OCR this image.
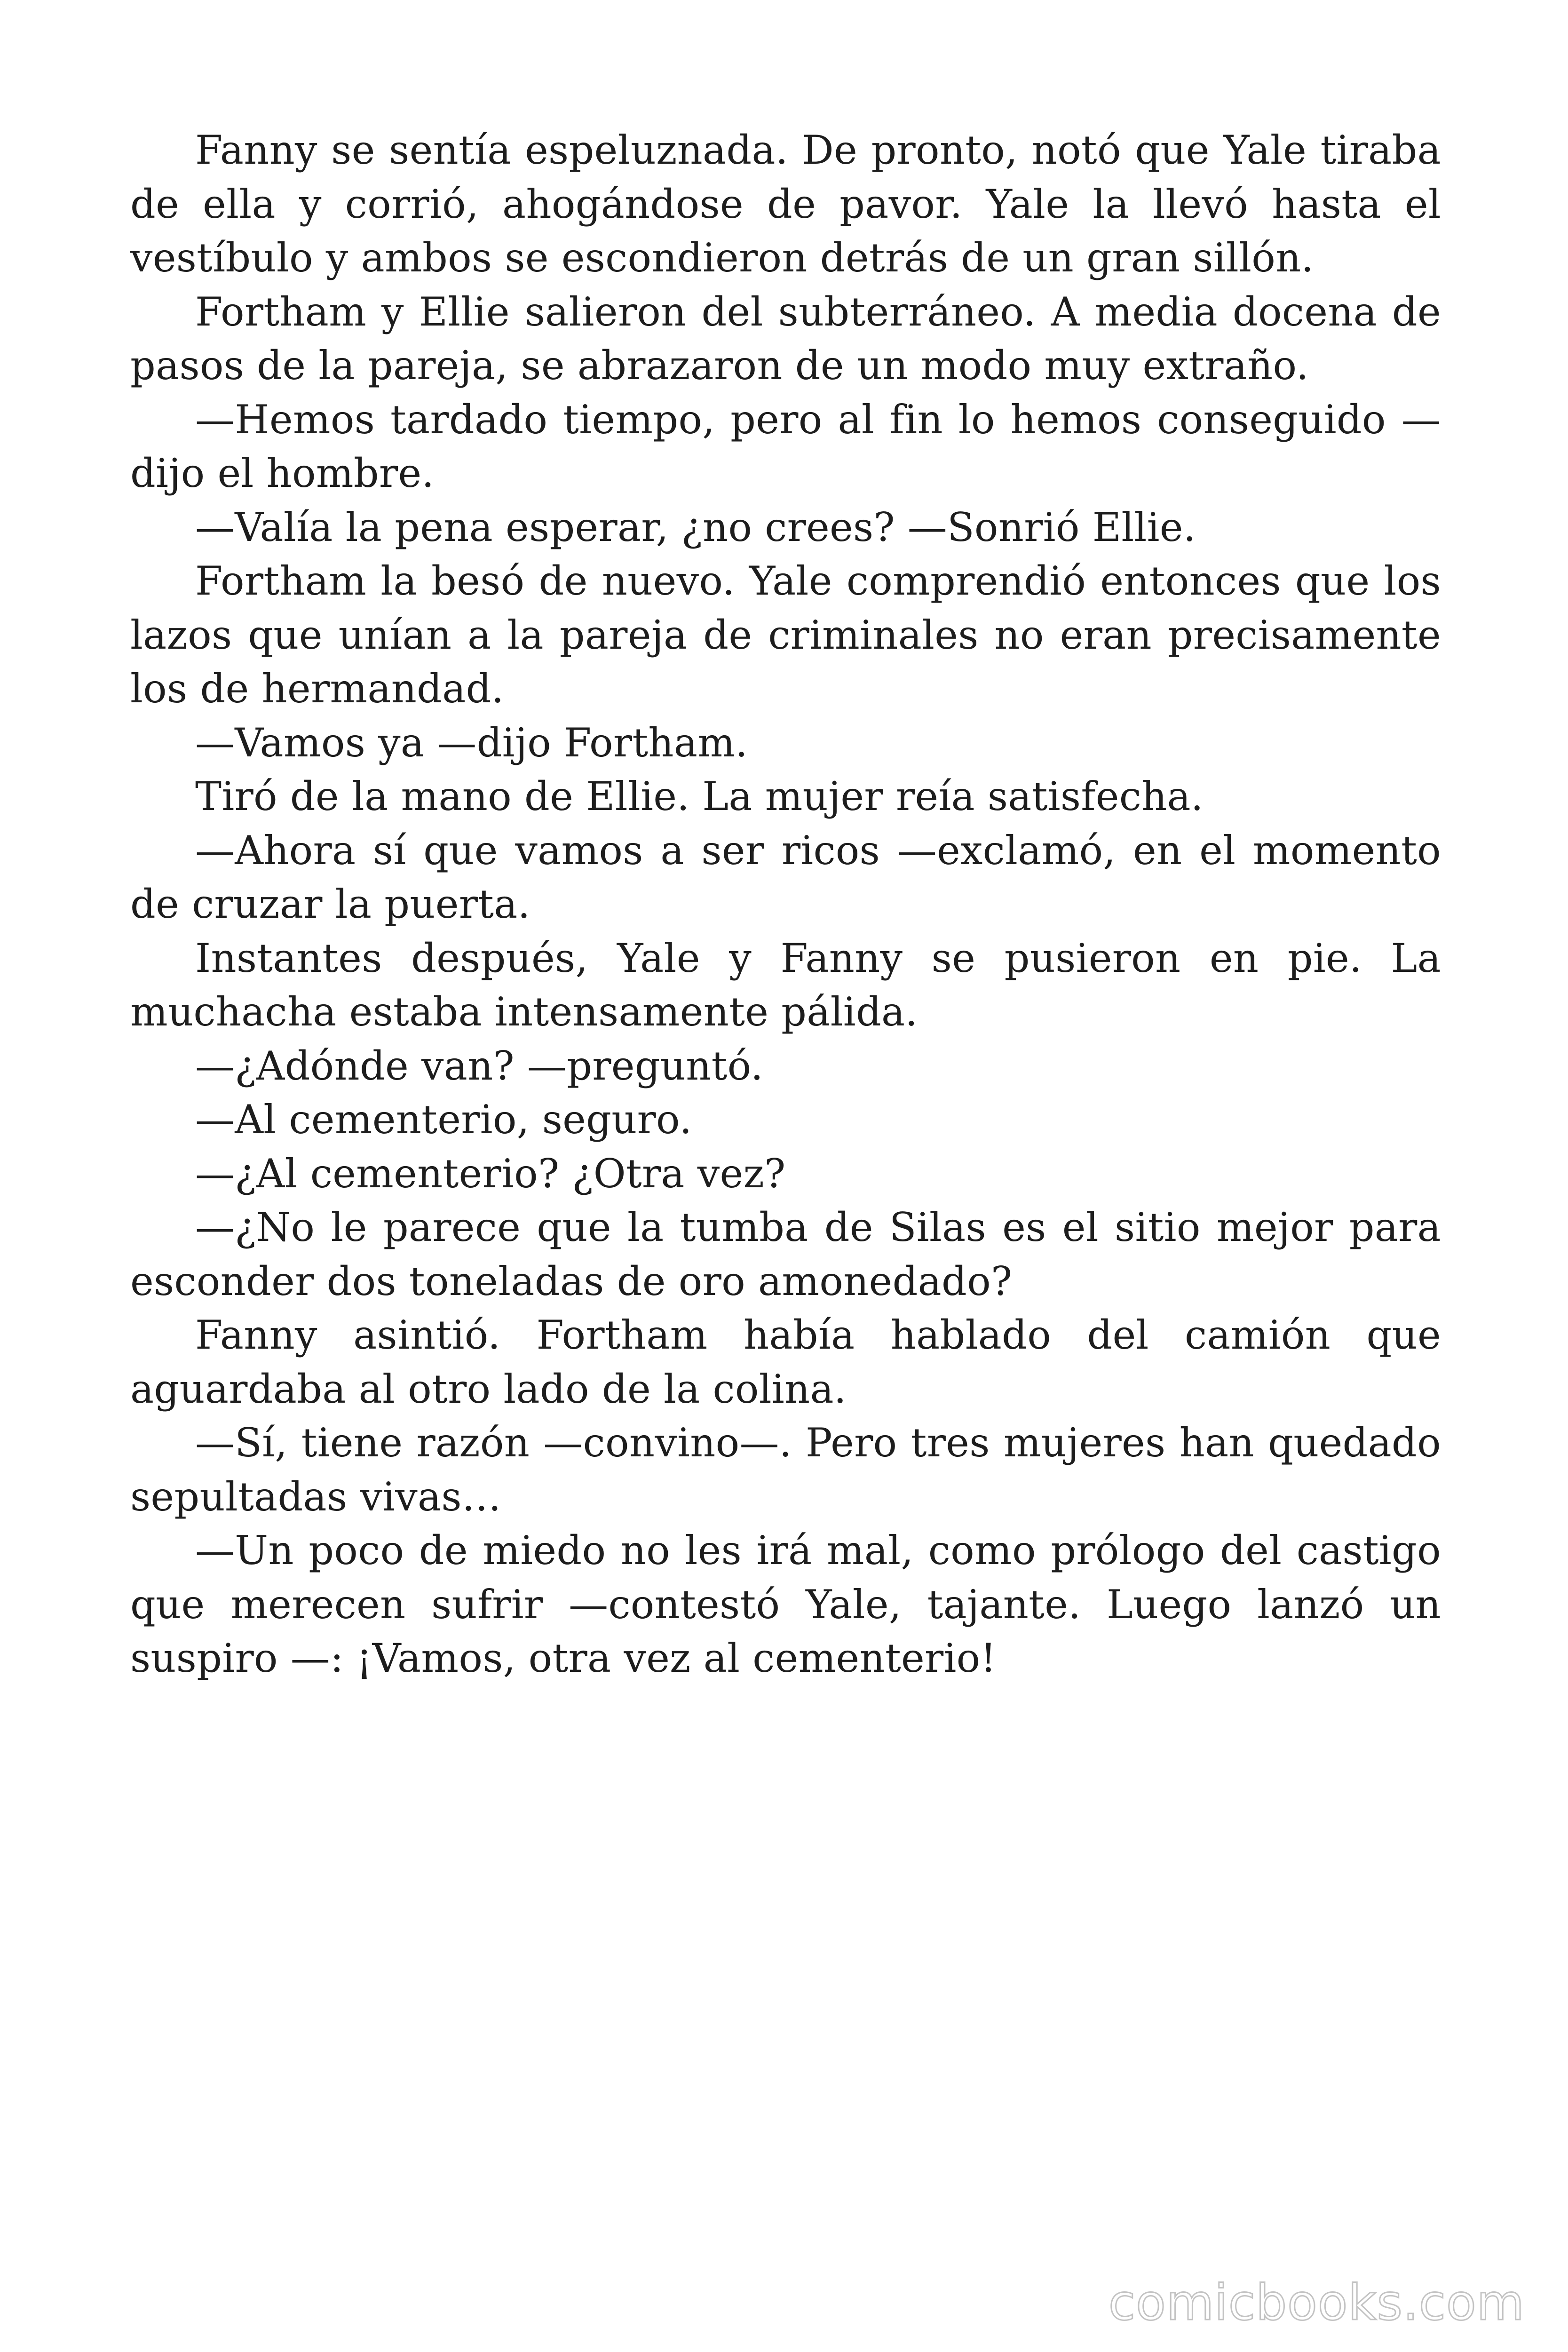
Fanny se sentía espeluznada. De pronto, notó que Yale tiraba de ella y corrió, ahogándose de pavor. Yale la llevó hasta el vestíbulo y ambos se escondieron detrás de un gran sillón.

Fortham y Ellie salieron del subterráneo. A media docena de pasos de la pareja, se abrazaron de un modo muy extraño.

—Hemos tardado tiempo, pero al fin lo hemos conseguido —dijo el hombre.

—Valía la pena esperar, ¿no crees? —Sonrió Ellie.

Fortham la besó de nuevo. Yale comprendió entonces que los lazos que unían a la pareja de criminales no eran precisamente los de hermandad.

—Vamos ya —dijo Fortham.

Tiró de la mano de Ellie. La mujer reía satisfecha.

—Ahora sí que vamos a ser ricos —exclamó, en el momento de cruzar la puerta.

Instantes después, Yale y Fanny se pusieron en pie. La muchacha estaba intensamente pálida.

—¿Adónde van? —preguntó.

—Al cementerio, seguro.

—¿Al cementerio? ¿Otra vez?

—¿No le parece que la tumba de Silas es el sitio mejor para esconder dos toneladas de oro amonedado?

Fanny asintió. Fortham había hablado del camión que aguardaba al otro lado de la colina.

—Sí, tiene razón —convino—. Pero tres mujeres han quedado sepultadas vivas…

—Un poco de miedo no les irá mal, como prólogo del castigo que merecen sufrir —contestó Yale, tajante. Luego lanzó un suspiro —: ¡Vamos, otra vez al cementerio!

comicbooks.com
